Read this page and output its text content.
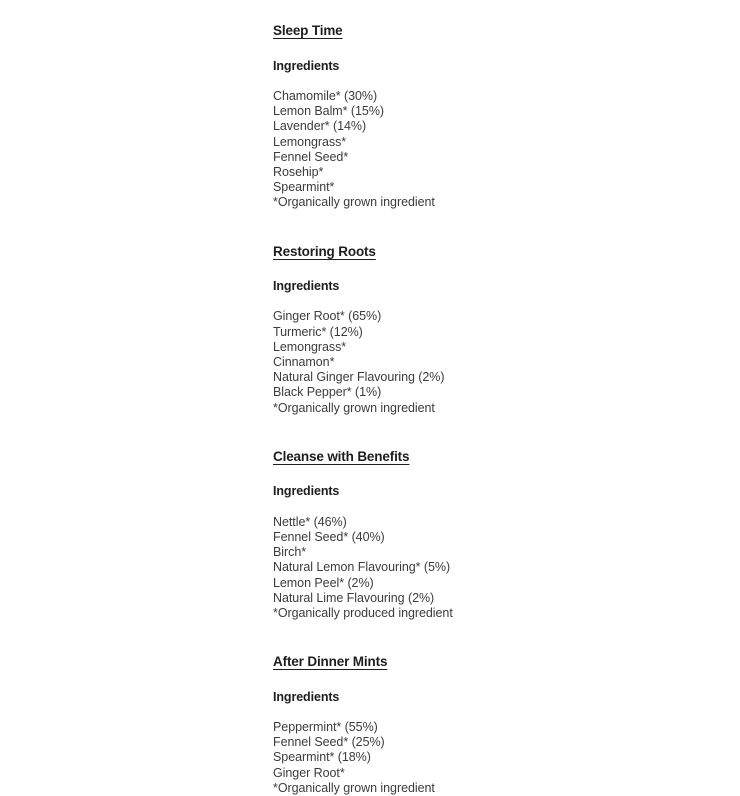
Sleep Time
Ingredients
Chamomile* (30%)
Lemon Balm* (15%)
Lavender* (14%)
Lemongrass*
Fennel Seed*
Rosehip*
Spearmint*
*Organically grown ingredient
Restoring Roots
Ingredients
Ginger Root* (65%)
Turmeric* (12%)
Lemongrass*
Cinnamon*
Natural Ginger Flavouring (2%)
Black Pepper* (1%)
*Organically grown ingredient
Cleanse with Benefits
Ingredients
Nettle* (46%)
Fennel Seed* (40%)
Birch*
Natural Lemon Flavouring* (5%)
Lemon Peel* (2%)
Natural Lime Flavouring (2%)
*Organically produced ingredient
After Dinner Mints
Ingredients
Peppermint* (55%)
Fennel Seed* (25%)
Spearmint* (18%)
Ginger Root*
*Organically grown ingredient
